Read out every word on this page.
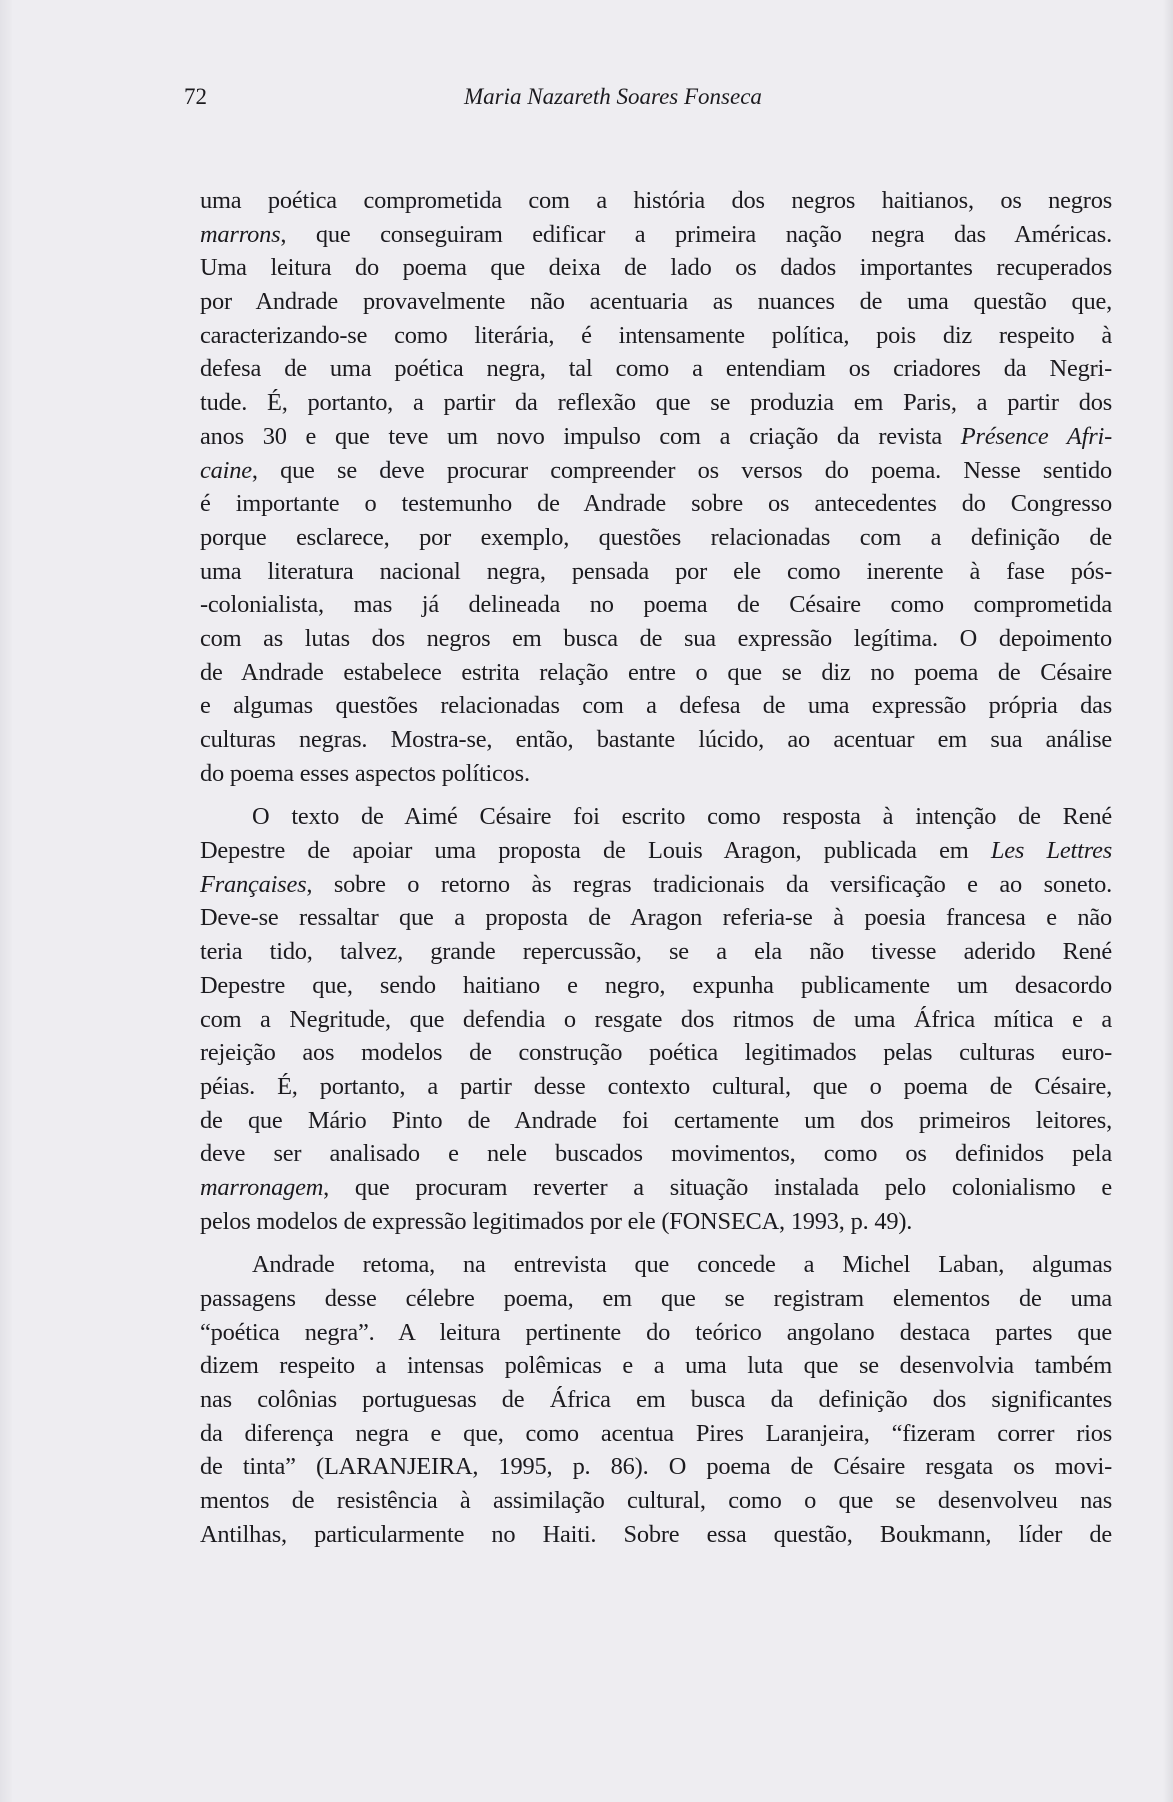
72	Maria Nazareth Soares Fonseca
uma poética comprometida com a história dos negros haitianos, os negros
marrons, que conseguiram edificar a primeira nação negra das Américas.
Uma leitura do poema que deixa de lado os dados importantes recuperados
por Andrade provavelmente não acentuaria as nuances de uma questão que,
caracterizando-se como literária, é intensamente política, pois diz respeito à
defesa de uma poética negra, tal como a entendiam os criadores da Negri-
tude. É, portanto, a partir da reflexão que se produzia em Paris, a partir dos
anos 30 e que teve um novo impulso com a criação da revista Présence Afri-
caine, que se deve procurar compreender os versos do poema. Nesse sentido
é importante o testemunho de Andrade sobre os antecedentes do Congresso
porque esclarece, por exemplo, questões relacionadas com a definição de
uma literatura nacional negra, pensada por ele como inerente à fase pós-
-colonialista, mas já delineada no poema de Césaire como comprometida
com as lutas dos negros em busca de sua expressão legítima. O depoimento
de Andrade estabelece estrita relação entre o que se diz no poema de Césaire
e algumas questões relacionadas com a defesa de uma expressão própria das
culturas negras. Mostra-se, então, bastante lúcido, ao acentuar em sua análise
do poema esses aspectos políticos.
O texto de Aimé Césaire foi escrito como resposta à intenção de René
Depestre de apoiar uma proposta de Louis Aragon, publicada em Les Lettres
Françaises, sobre o retorno às regras tradicionais da versificação e ao soneto.
Deve-se ressaltar que a proposta de Aragon referia-se à poesia francesa e não
teria tido, talvez, grande repercussão, se a ela não tivesse aderido René
Depestre que, sendo haitiano e negro, expunha publicamente um desacordo
com a Negritude, que defendia o resgate dos ritmos de uma África mítica e a
rejeição aos modelos de construção poética legitimados pelas culturas euro-
péias. É, portanto, a partir desse contexto cultural, que o poema de Césaire,
de que Mário Pinto de Andrade foi certamente um dos primeiros leitores,
deve ser analisado e nele buscados movimentos, como os definidos pela
marronagem, que procuram reverter a situação instalada pelo colonialismo e
pelos modelos de expressão legitimados por ele (FONSECA, 1993, p. 49).
Andrade retoma, na entrevista que concede a Michel Laban, algumas
passagens desse célebre poema, em que se registram elementos de uma
“poética negra”. A leitura pertinente do teórico angolano destaca partes que
dizem respeito a intensas polêmicas e a uma luta que se desenvolvia também
nas colônias portuguesas de África em busca da definição dos significantes
da diferença negra e que, como acentua Pires Laranjeira, “fizeram correr rios
de tinta” (LARANJEIRA, 1995, p. 86). O poema de Césaire resgata os movi-
mentos de resistência à assimilação cultural, como o que se desenvolveu nas
Antilhas, particularmente no Haiti. Sobre essa questão, Boukmann, líder de
